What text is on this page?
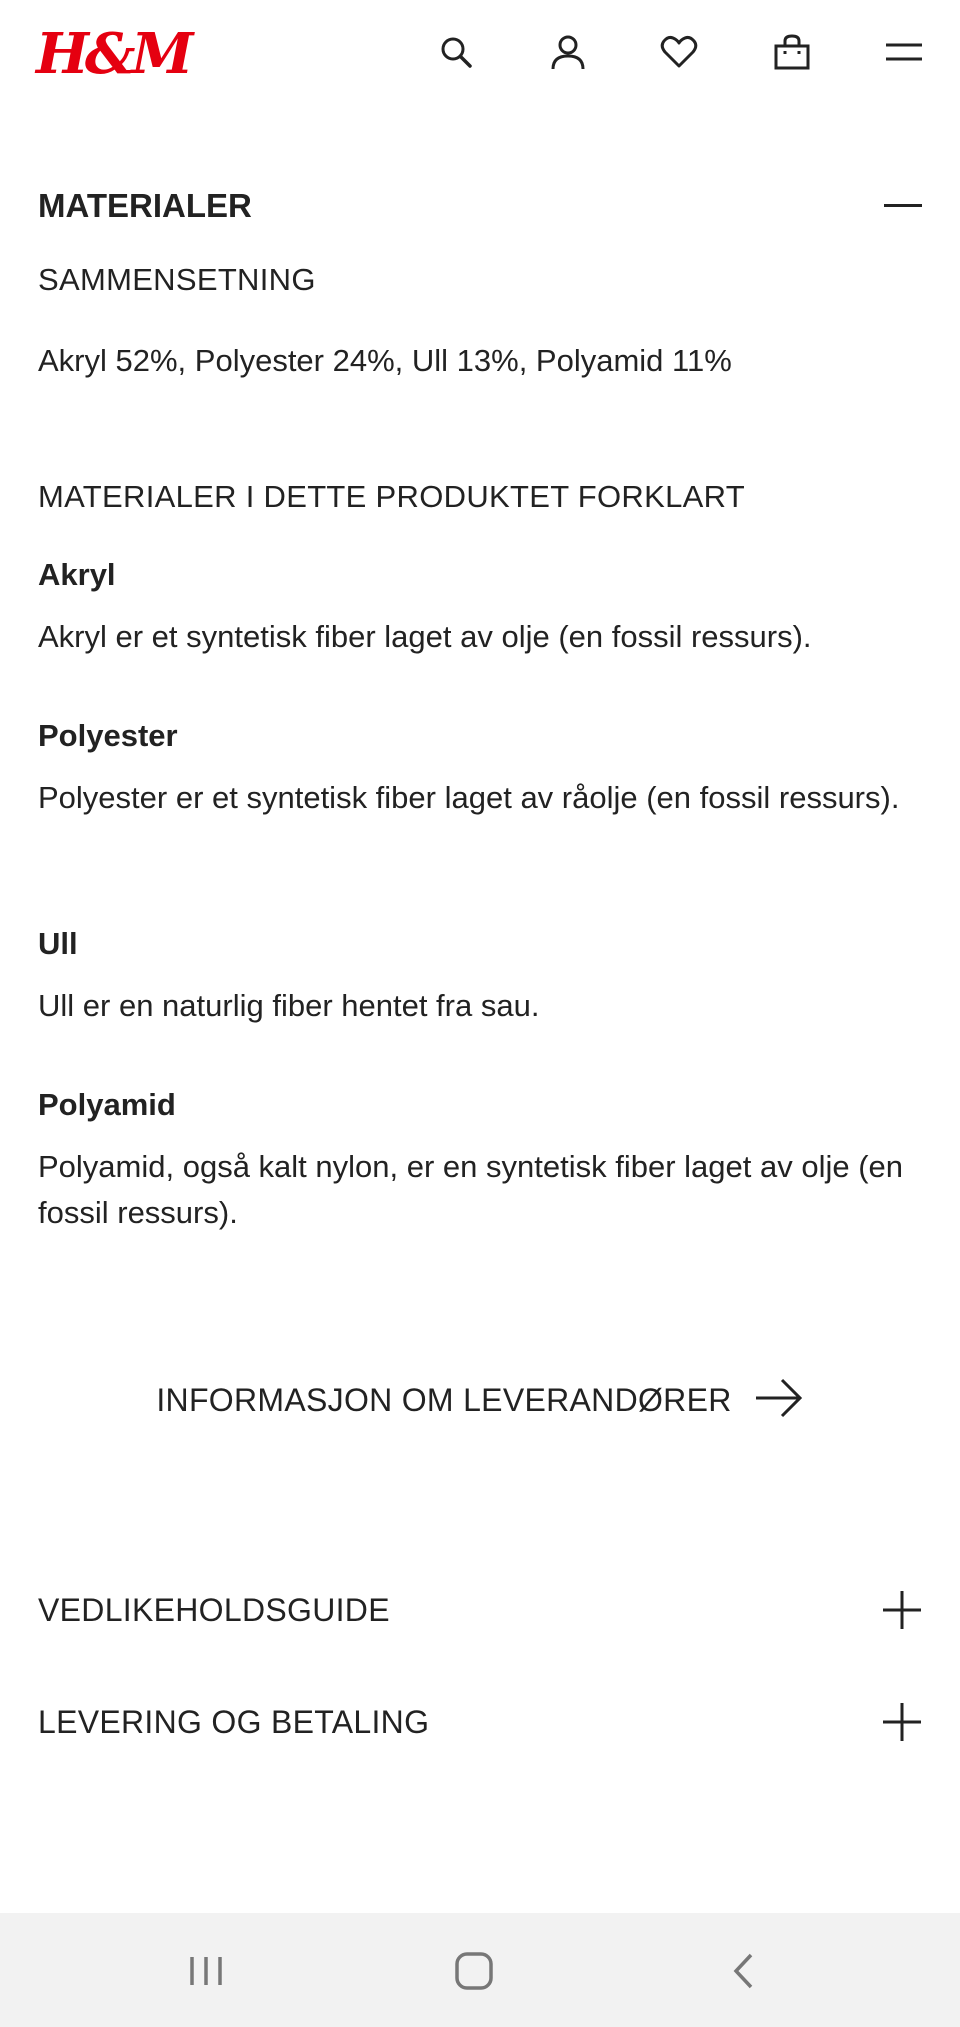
H&M
MATERIALER
SAMMENSETNING
Akryl 52%, Polyester 24%, Ull 13%, Polyamid 11%
MATERIALER I DETTE PRODUKTET FORKLART
Akryl
Akryl er et syntetisk fiber laget av olje (en fossil ressurs).
Polyester
Polyester er et syntetisk fiber laget av råolje (en fossil ressurs).
Ull
Ull er en naturlig fiber hentet fra sau.
Polyamid
Polyamid, også kalt nylon, er en syntetisk fiber laget av olje (en fossil ressurs).
INFORMASJON OM LEVERANDØRER
VEDLIKEHOLDSGUIDE
LEVERING OG BETALING
